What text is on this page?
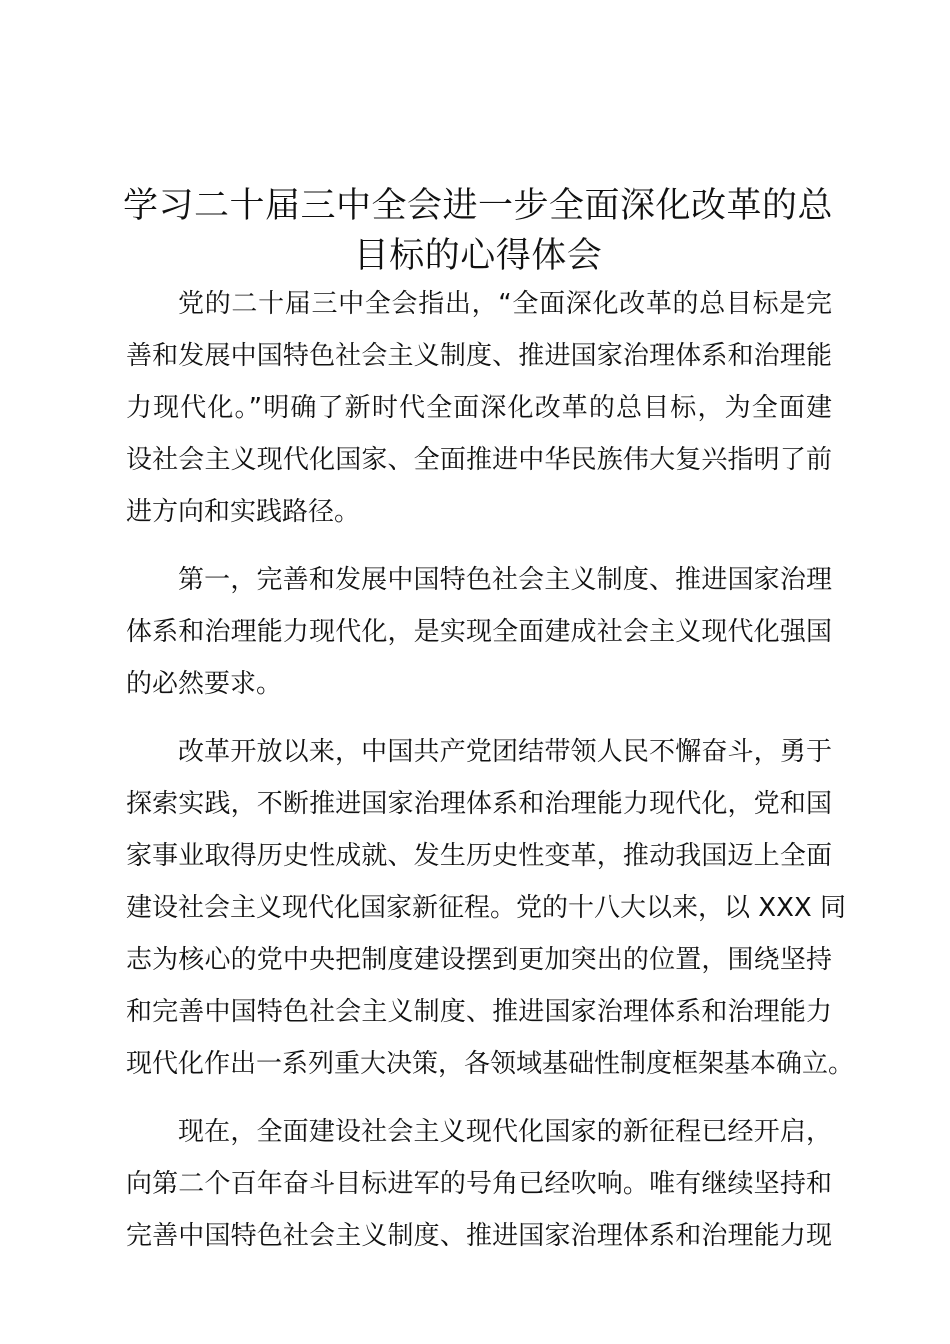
学习二十届三中全会进一步全面深化改革的总
目标的心得体会
党的二十届三中全会指出，“全面深化改革的总目标是完
善和发展中国特色社会主义制度、推进国家治理体系和治理能
力现代化。”明确了新时代全面深化改革的总目标，为全面建
设社会主义现代化国家、全面推进中华民族伟大复兴指明了前
进方向和实践路径。
第一，完善和发展中国特色社会主义制度、推进国家治理
体系和治理能力现代化，是实现全面建成社会主义现代化强国
的必然要求。
改革开放以来，中国共产党团结带领人民不懈奋斗，勇于
探索实践，不断推进国家治理体系和治理能力现代化，党和国
家事业取得历史性成就、发生历史性变革，推动我国迈上全面
建设社会主义现代化国家新征程。党的十八大以来，以 XXX 同
志为核心的党中央把制度建设摆到更加突出的位置，围绕坚持
和完善中国特色社会主义制度、推进国家治理体系和治理能力
现代化作出一系列重大决策，各领域基础性制度框架基本确立。
现在，全面建设社会主义现代化国家的新征程已经开启，
向第二个百年奋斗目标进军的号角已经吹响。唯有继续坚持和
完善中国特色社会主义制度、推进国家治理体系和治理能力现
